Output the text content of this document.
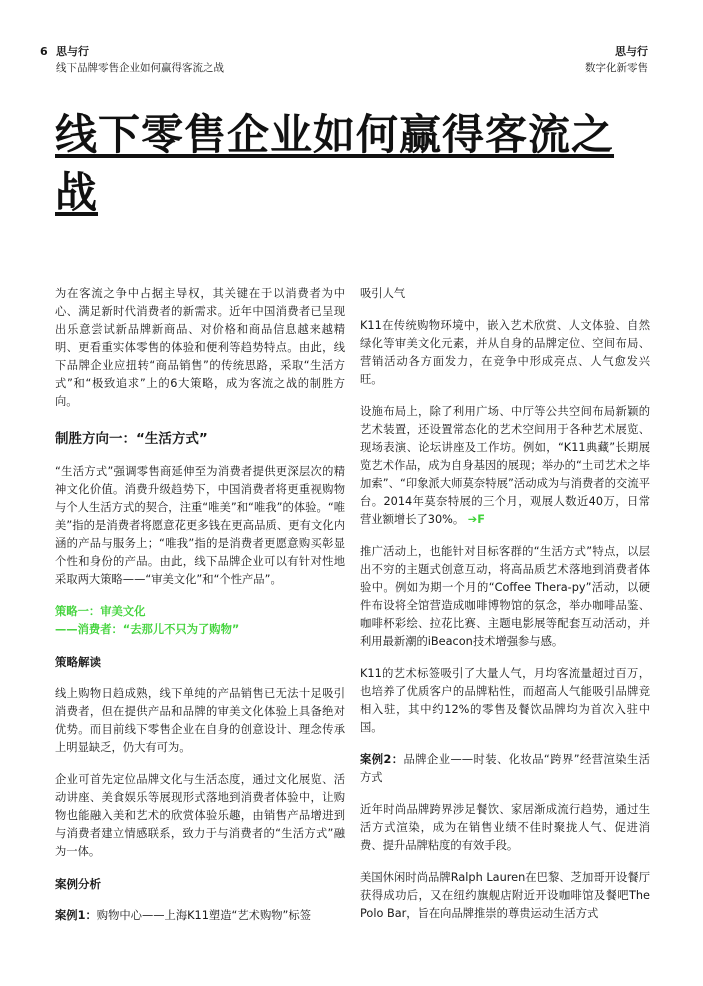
6 思与行
线下品牌零售企业如何赢得客流之战
思与行
数字化新零售
线下零售企业如何赢得客流之战

为在客流之争中占据主导权，其关键在于以消费者为中心、满足新时代消费者的新需求。近年中国消费者已呈现出乐意尝试新品牌新商品、对价格和商品信息越来越精明、更看重实体零售的体验和便利等趋势特点。由此，线下品牌企业应扭转“商品销售”的传统思路，采取“生活方式”和“极致追求”上的6大策略，成为客流之战的制胜方向。

制胜方向一：“生活方式”

“生活方式”强调零售商延伸至为消费者提供更深层次的精神文化价值。消费升级趋势下，中国消费者将更重视购物与个人生活方式的契合，注重“唯美”和“唯我”的体验。“唯美”指的是消费者将愿意花更多钱在更高品质、更有文化内涵的产品与服务上；“唯我”指的是消费者更愿意购买彰显个性和身份的产品。由此，线下品牌企业可以有针对性地采取两大策略——“审美文化”和“个性产品”。

策略一：审美文化

——消费者：“去那儿不只为了购物”

策略解读

线上购物日趋成熟，线下单纯的产品销售已无法十足吸引消费者，但在提供产品和品牌的审美文化体验上具备绝对优势。而目前线下零售企业在自身的创意设计、理念传承上明显缺乏，仍大有可为。

企业可首先定位品牌文化与生活态度，通过文化展览、活动讲座、美食娱乐等展现形式落地到消费者体验中，让购物也能融入美和艺术的欣赏体验乐趣，由销售产品增进到与消费者建立情感联系，致力于与消费者的“生活方式”融为一体。

案例分析

案例1：购物中心——上海K11塑造“艺术购物”标签

吸引人气

K11在传统购物环境中，嵌入艺术欣赏、人文体验、自然绿化等审美文化元素，并从自身的品牌定位、空间布局、营销活动各方面发力，在竞争中形成亮点、人气愈发兴旺。

设施布局上，除了利用广场、中厅等公共空间布局新颖的艺术装置，还设置常态化的艺术空间用于各种艺术展览、现场表演、论坛讲座及工作坊。例如，“K11典藏”长期展览艺术作品，成为自身基因的展现；举办的“土司艺术之毕加索”、“印象派大师莫奈特展”活动成为与消费者的交流平台。2014年莫奈特展的三个月，观展人数近40万，日常营业额增长了30%。 ➔F

推广活动上，也能针对目标客群的“生活方式”特点，以层出不穷的主题式创意互动，将高品质艺术落地到消费者体验中。例如为期一个月的“Coffee Thera-py”活动，以硬件布设将全馆营造成咖啡博物馆的氛念，举办咖啡品鉴、咖啡杯彩绘、拉花比赛、主题电影展等配套互动活动，并利用最新潮的iBeacon技术增强参与感。

K11的艺术标签吸引了大量人气，月均客流量超过百万，也培养了优质客户的品牌粘性，而超高人气能吸引品牌竞相入驻，其中约12%的零售及餐饮品牌均为首次入驻中国。

案例2：品牌企业——时装、化妆品“跨界”经营渲染生活方式

近年时尚品牌跨界涉足餐饮、家居渐成流行趋势，通过生活方式渲染，成为在销售业绩不佳时聚拢人气、促进消费、提升品牌粘度的有效手段。

美国休闲时尚品牌Ralph Lauren在巴黎、芝加哥开设餐厅获得成功后，又在纽约旗舰店附近开设咖啡馆及餐吧The Polo Bar，旨在向品牌推崇的尊贵运动生活方式
